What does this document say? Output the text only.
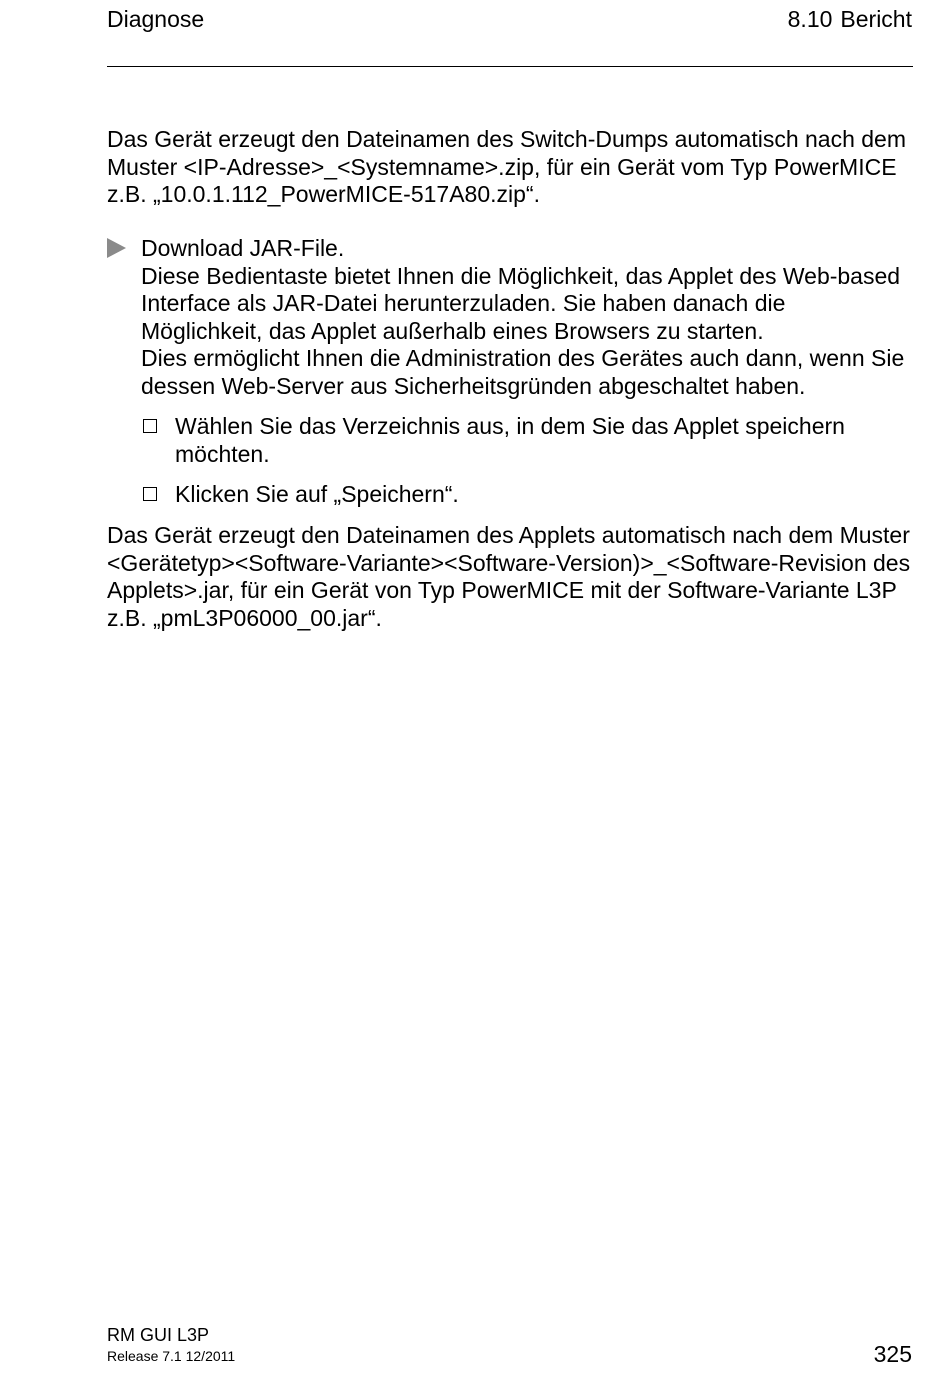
Diagnose	8.10 Bericht

Das Gerät erzeugt den Dateinamen des Switch-Dumps automatisch nach dem Muster <IP-Adresse>_<Systemname>.zip, für ein Gerät vom Typ PowerMICE z.B. „10.0.1.112_PowerMICE-517A80.zip“.

Download JAR-File.
Diese Bedientaste bietet Ihnen die Möglichkeit, das Applet des Web-based Interface als JAR-Datei herunterzuladen. Sie haben danach die Möglichkeit, das Applet außerhalb eines Browsers zu starten.
Dies ermöglicht Ihnen die Administration des Gerätes auch dann, wenn Sie dessen Web-Server aus Sicherheitsgründen abgeschaltet haben.
Wählen Sie das Verzeichnis aus, in dem Sie das Applet speichern möchten.
Klicken Sie auf „Speichern“.

Das Gerät erzeugt den Dateinamen des Applets automatisch nach dem Muster <Gerätetyp><Software-Variante><Software-Version)>_<Software-Revision des Applets>.jar, für ein Gerät von Typ PowerMICE mit der Software-Variante L3P z.B. „pmL3P06000_00.jar“.

RM GUI L3P
Release 7.1 12/2011	325
